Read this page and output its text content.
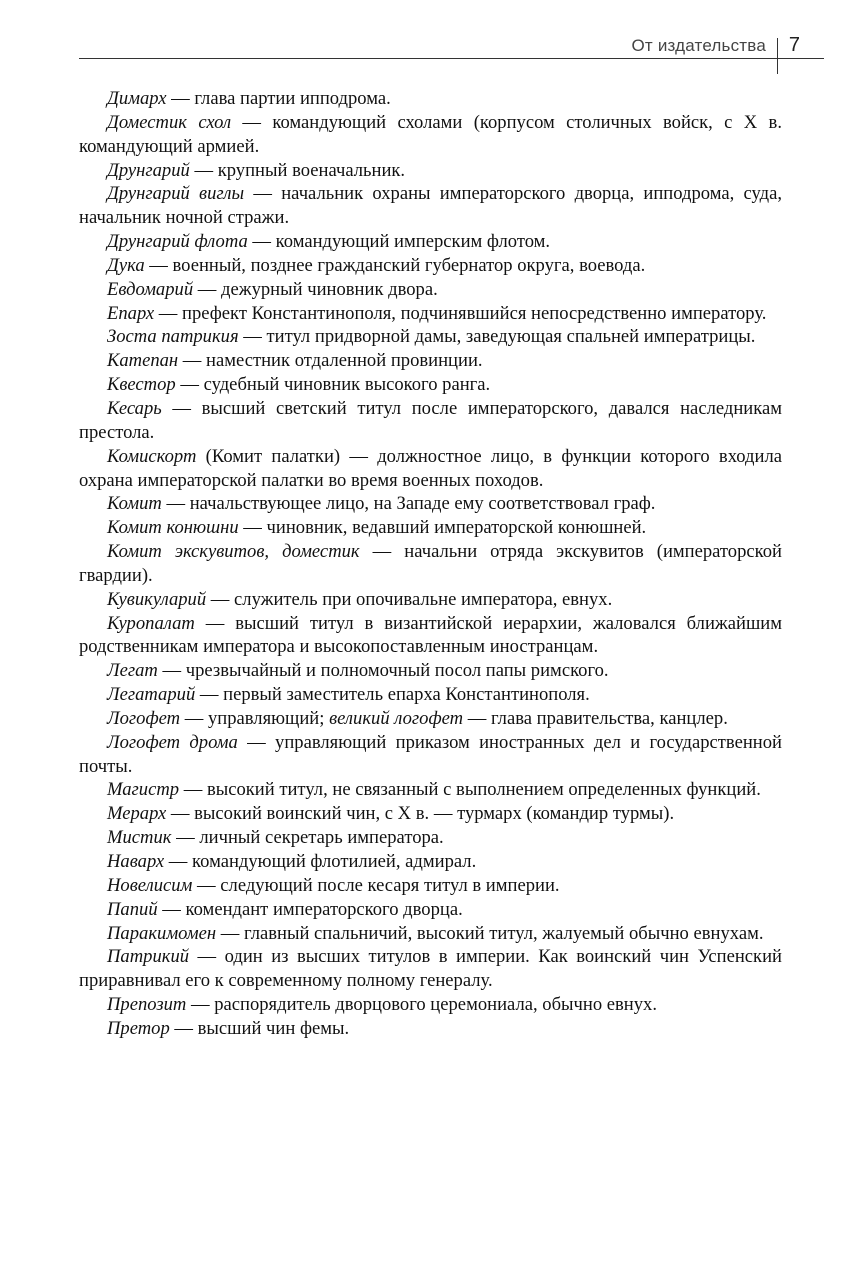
От издательства 7

Димарх — глава партии ипподрома.

Доместик схол — командующий схолами (корпусом столичных войск, с X в. командующий армией.

Друнгарий — крупный военачальник.

Друнгарий виглы — начальник охраны императорского дворца, ипподрома, суда, начальник ночной стражи.

Друнгарий флота — командующий имперским флотом.

Дука — военный, позднее гражданский губернатор округа, воевода.

Евдомарий — дежурный чиновник двора.

Епарх — префект Константинополя, подчинявшийся непосредственно императору.

Зоста патрикия — титул придворной дамы, заведующая спальней императрицы.

Катепан — наместник отдаленной провинции.

Квестор — судебный чиновник высокого ранга.

Кесарь — высший светский титул после императорского, давался наследникам престола.

Комискорт (Комит палатки) — должностное лицо, в функции которого входила охрана императорской палатки во время военных походов.

Комит — начальствующее лицо, на Западе ему соответствовал граф.

Комит конюшни — чиновник, ведавший императорской конюшней.

Комит экскувитов, доместик — начальни отряда экскувитов (императорской гвардии).

Кувикуларий — служитель при опочивальне императора, евнух.

Куропалат — высший титул в византийской иерархии, жаловался ближайшим родственникам императора и высокопоставленным иностранцам.

Легат — чрезвычайный и полномочный посол папы римского.

Легатарий — первый заместитель епарха Константинополя.

Логофет — управляющий; великий логофет — глава правительства, канцлер.

Логофет дрома — управляющий приказом иностранных дел и государственной почты.

Магистр — высокий титул, не связанный с выполнением определенных функций.

Мерарх — высокий воинский чин, с X в. — турмарх (командир турмы).

Мистик — личный секретарь императора.

Наварх — командующий флотилией, адмирал.

Новелисим — следующий после кесаря титул в империи.

Папий — комендант императорского дворца.

Паракимомен — главный спальничий, высокий титул, жалуемый обычно евнухам.

Патрикий — один из высших титулов в империи. Как воинский чин Успенский приравнивал его к современному полному генералу.

Препозит — распорядитель дворцового церемониала, обычно евнух.

Претор — высший чин фемы.
